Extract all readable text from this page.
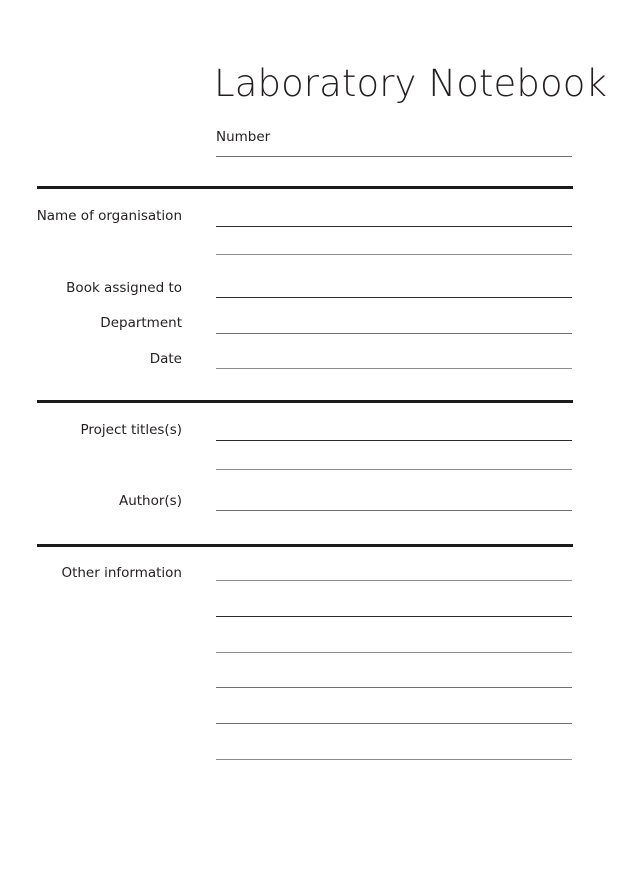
Laboratory Notebook
Number
Name of organisation
Book assigned to
Department
Date
Project titles(s)
Author(s)
Other information
